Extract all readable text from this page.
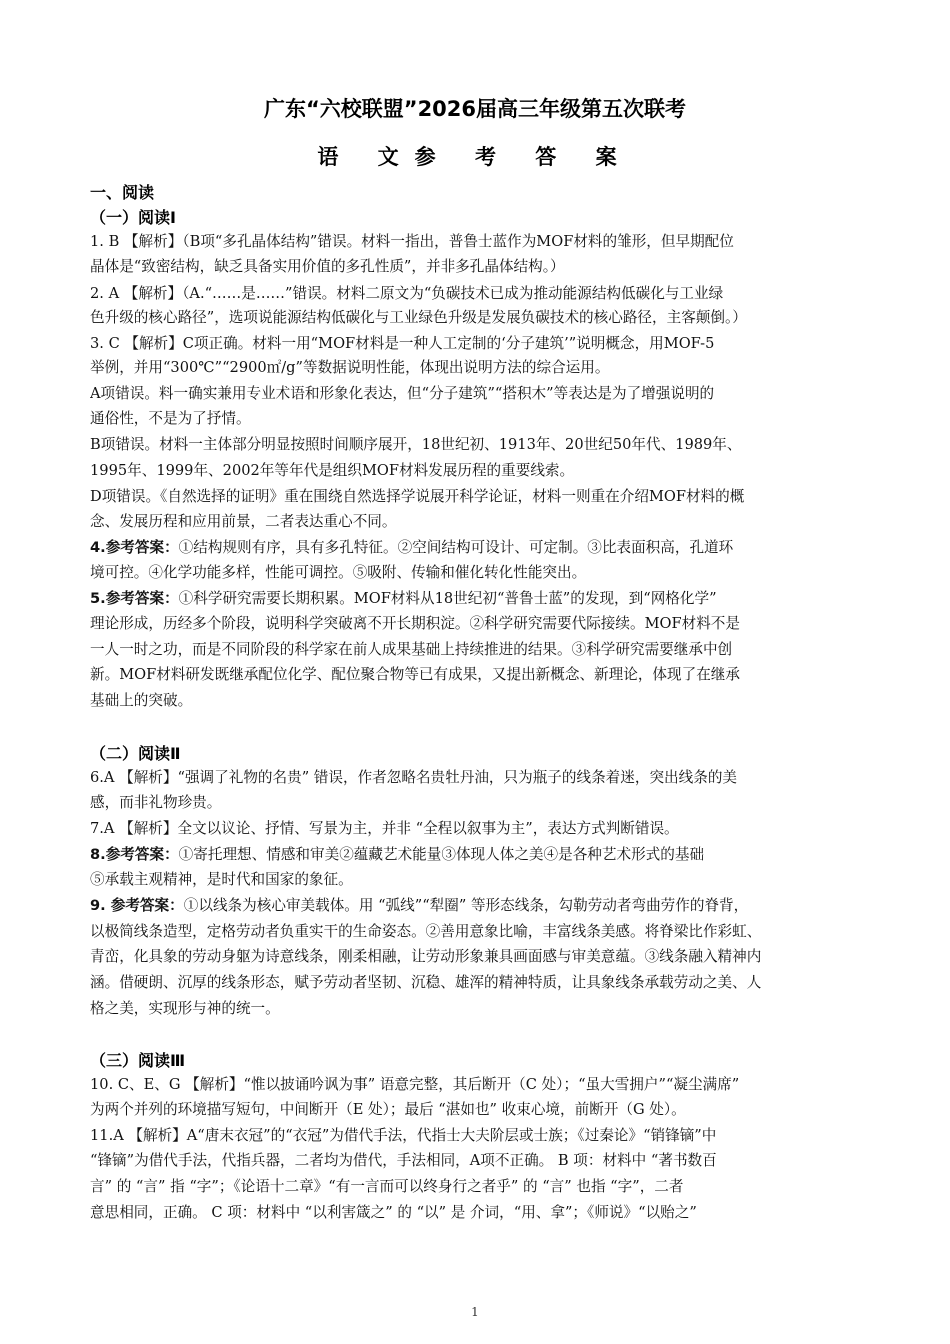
广东“六校联盟”2026届高三年级第五次联考
语 文参 考 答 案
一、阅读
（一）阅读Ⅰ
1. B 【解析】（B项“多孔晶体结构”错误。材料一指出，普鲁士蓝作为MOF材料的雏形，但早期配位
晶体是“致密结构，缺乏具备实用价值的多孔性质”，并非多孔晶体结构。）
2. A 【解析】（A.“……是……”错误。材料二原文为“负碳技术已成为推动能源结构低碳化与工业绿
色升级的核心路径”，选项说能源结构低碳化与工业绿色升级是发展负碳技术的核心路径，主客颠倒。）
3. C 【解析】C项正确。材料一用“MOF材料是一种人工定制的‘分子建筑’”说明概念，用MOF-5
举例，并用“300℃”“2900㎡/g”等数据说明性能，体现出说明方法的综合运用。
A项错误。料一确实兼用专业术语和形象化表达，但“分子建筑”“搭积木”等表达是为了增强说明的
通俗性，不是为了抒情。
B项错误。材料一主体部分明显按照时间顺序展开，18世纪初、1913年、20世纪50年代、1989年、
1995年、1999年、2002年等年代是组织MOF材料发展历程的重要线索。
D项错误。《自然选择的证明》重在围绕自然选择学说展开科学论证，材料一则重在介绍MOF材料的概
念、发展历程和应用前景，二者表达重心不同。
4.参考答案：①结构规则有序，具有多孔特征。②空间结构可设计、可定制。③比表面积高，孔道环
境可控。④化学功能多样，性能可调控。⑤吸附、传输和催化转化性能突出。
5.参考答案：①科学研究需要长期积累。MOF材料从18世纪初“普鲁士蓝”的发现，到“网格化学”
理论形成，历经多个阶段，说明科学突破离不开长期积淀。②科学研究需要代际接续。MOF材料不是
一人一时之功，而是不同阶段的科学家在前人成果基础上持续推进的结果。③科学研究需要继承中创
新。MOF材料研发既继承配位化学、配位聚合物等已有成果，又提出新概念、新理论，体现了在继承
基础上的突破。
（二）阅读Ⅱ
6.A 【解析】“强调了礼物的名贵” 错误，作者忽略名贵牡丹油，只为瓶子的线条着迷，突出线条的美
感，而非礼物珍贵。
7.A 【解析】全文以议论、抒情、写景为主，并非 “全程以叙事为主”，表达方式判断错误。
8.参考答案：①寄托理想、情感和审美②蕴藏艺术能量③体现人体之美④是各种艺术形式的基础
⑤承载主观精神，是时代和国家的象征。
9. 参考答案：①以线条为核心审美载体。用 “弧线”“犁圈” 等形态线条，勾勒劳动者弯曲劳作的脊背，
以极简线条造型，定格劳动者负重实干的生命姿态。②善用意象比喻，丰富线条美感。将脊梁比作彩虹、
青峦，化具象的劳动身躯为诗意线条，刚柔相融，让劳动形象兼具画面感与审美意蕴。③线条融入精神内
涵。借硬朗、沉厚的线条形态，赋予劳动者坚韧、沉稳、雄浑的精神特质，让具象线条承载劳动之美、人
格之美，实现形与神的统一。
（三）阅读Ⅲ
10. C、E、G 【解析】“惟以披诵吟讽为事” 语意完整，其后断开（C 处）；“虽大雪拥户”“凝尘满席”
为两个并列的环境描写短句，中间断开（E 处）；最后 “湛如也” 收束心境，前断开（G 处）。
11.A 【解析】A“唐末衣冠”的“衣冠”为借代手法，代指士大夫阶层或士族；《过秦论》“销锋镝”中
“锋镝”为借代手法，代指兵器，二者均为借代，手法相同，A项不正确。 B 项：材料中 “著书数百
言” 的 “言” 指 “字”；《论语十二章》“有一言而可以终身行之者乎” 的 “言” 也指 “字”，二者
意思相同，正确。 C 项：材料中 “以利害箴之” 的 “以” 是 介词，“用、拿”；《师说》“以贻之”
1
